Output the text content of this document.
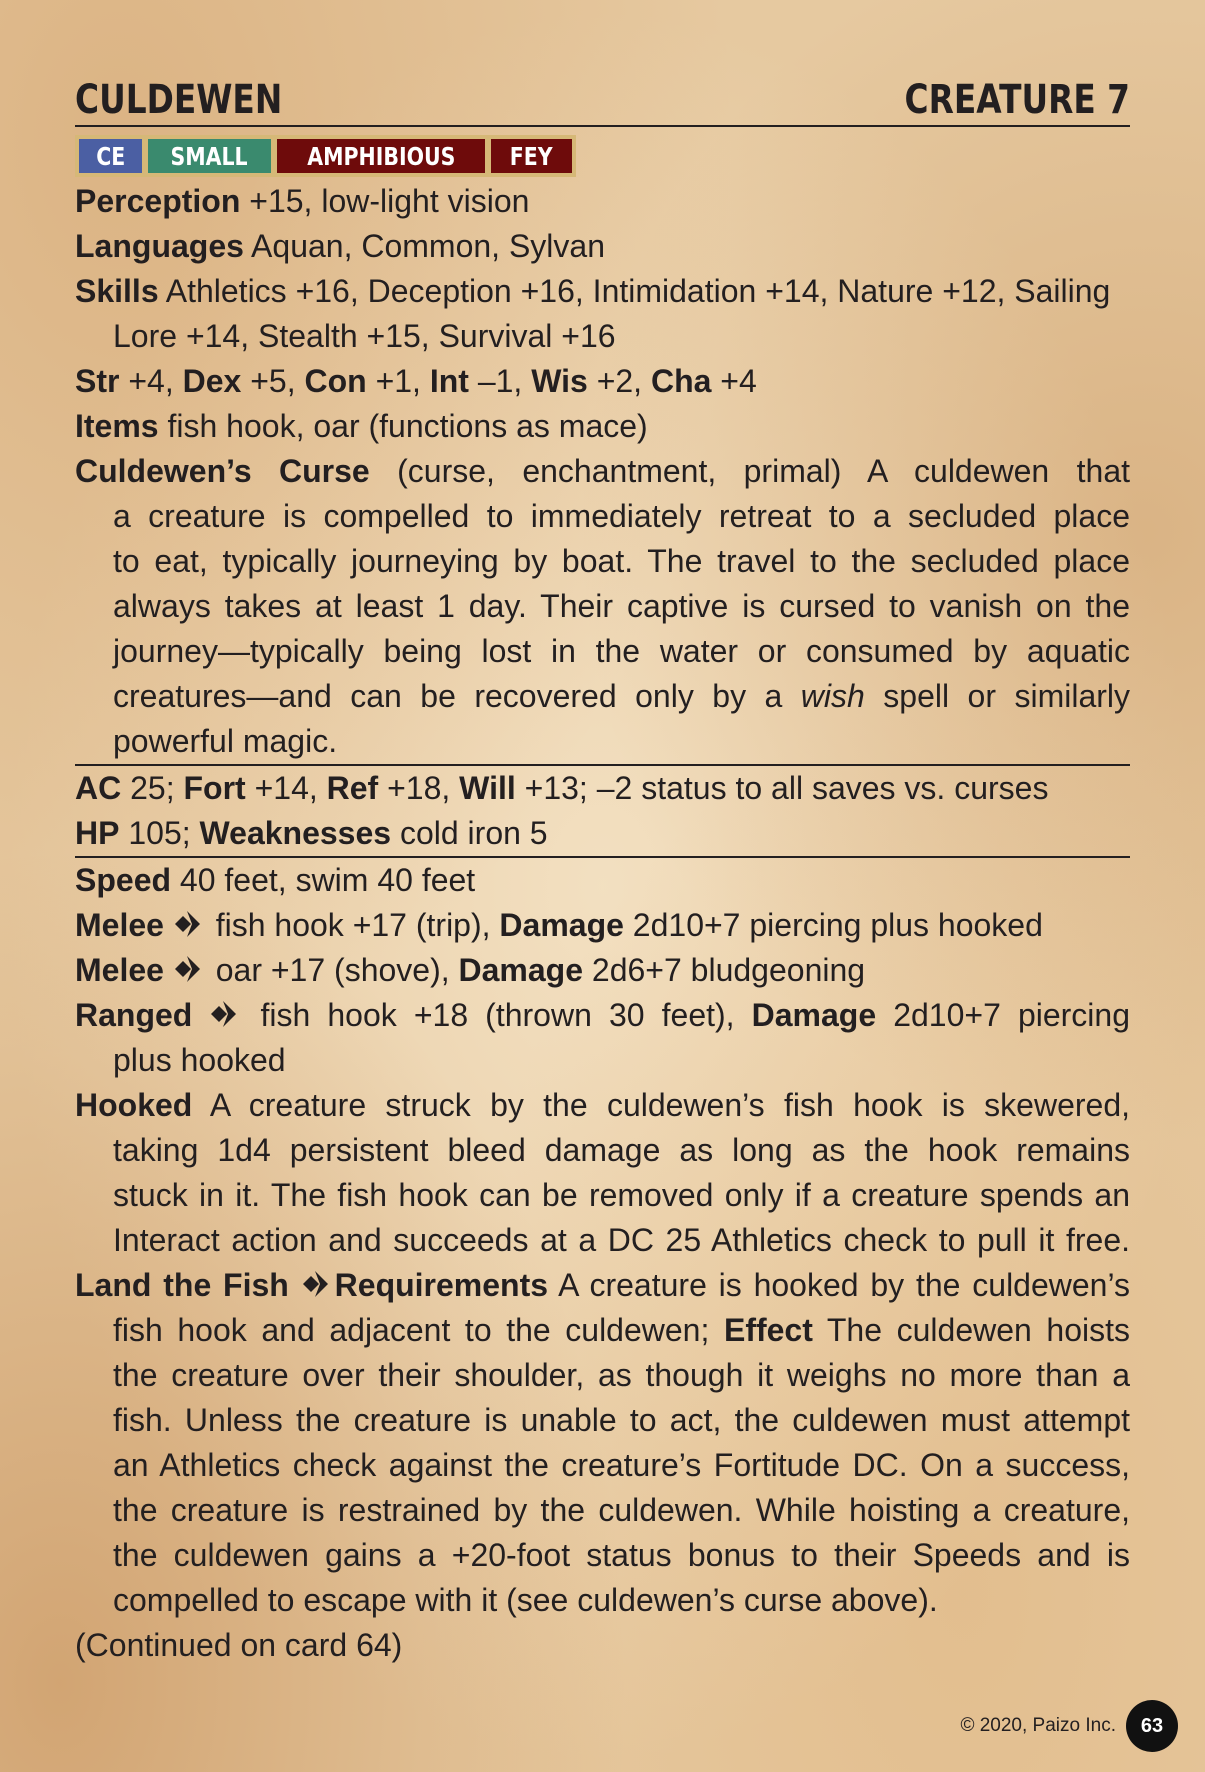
CULDEWEN	CREATURE 7
CE SMALL AMPHIBIOUS FEY
Perception +15, low-light vision
Languages Aquan, Common, Sylvan
Skills Athletics +16, Deception +16, Intimidation +14, Nature +12, Sailing
Lore +14, Stealth +15, Survival +16
Str +4, Dex +5, Con +1, Int –1, Wis +2, Cha +4
Items fish hook, oar (functions as mace)
Culdewen’s Curse (curse, enchantment, primal) A culdewen that
a creature is compelled to immediately retreat to a secluded place
to eat, typically journeying by boat. The travel to the secluded place
always takes at least 1 day. Their captive is cursed to vanish on the
journey—typically being lost in the water or consumed by aquatic
creatures—and can be recovered only by a wish spell or similarly
powerful magic.
AC 25; Fort +14, Ref +18, Will +13; –2 status to all saves vs. curses
HP 105; Weaknesses cold iron 5
Speed 40 feet, swim 40 feet
Melee  fish hook +17 (trip), Damage 2d10+7 piercing plus hooked
Melee  oar +17 (shove), Damage 2d6+7 bludgeoning
Ranged  fish hook +18 (thrown 30 feet), Damage 2d10+7 piercing
plus hooked
Hooked A creature struck by the culdewen’s fish hook is skewered,
taking 1d4 persistent bleed damage as long as the hook remains
stuck in it. The fish hook can be removed only if a creature spends an
Interact action and succeeds at a DC 25 Athletics check to pull it free.
Land the Fish Requirements A creature is hooked by the culdewen’s
fish hook and adjacent to the culdewen; Effect The culdewen hoists
the creature over their shoulder, as though it weighs no more than a
fish. Unless the creature is unable to act, the culdewen must attempt
an Athletics check against the creature’s Fortitude DC. On a success,
the creature is restrained by the culdewen. While hoisting a creature,
the culdewen gains a +20-foot status bonus to their Speeds and is
compelled to escape with it (see culdewen’s curse above).
(Continued on card 64)
© 2020, Paizo Inc.	63
